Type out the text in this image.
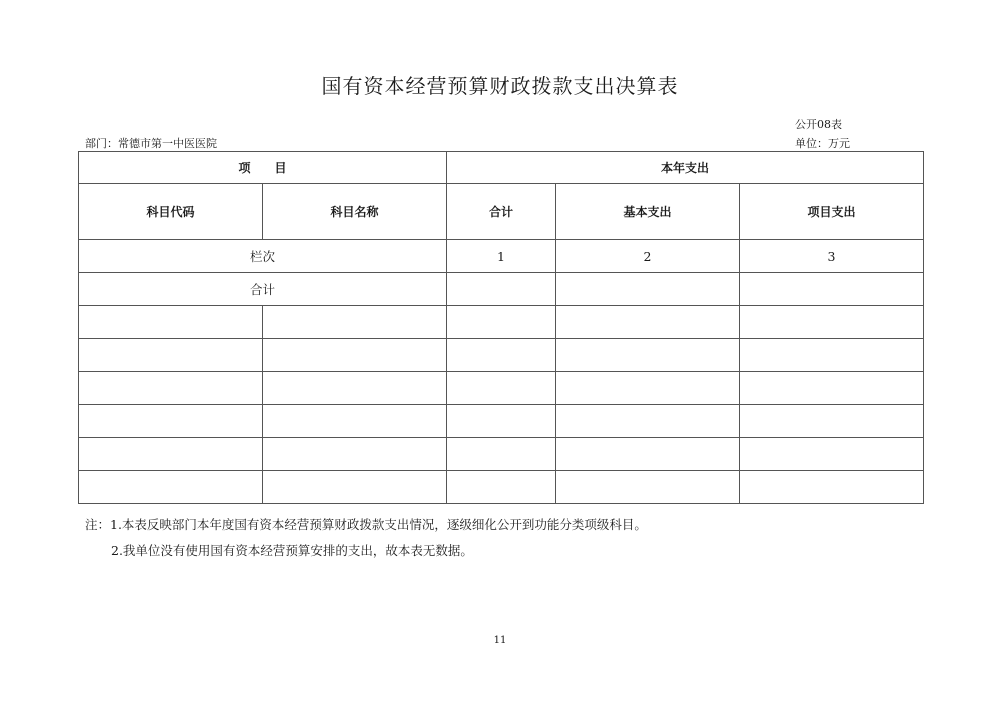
国有资本经营预算财政拨款支出决算表
公开08表
部门：常德市第一中医医院	单位：万元
项　　目		本年支出		
科目代码	科目名称	合计	基本支出	项目支出
栏次		1	2	3
合计				

注：1.本表反映部门本年度国有资本经营预算财政拨款支出情况，逐级细化公开到功能分类项级科目。
2.我单位没有使用国有资本经营预算安排的支出，故本表无数据。
11
